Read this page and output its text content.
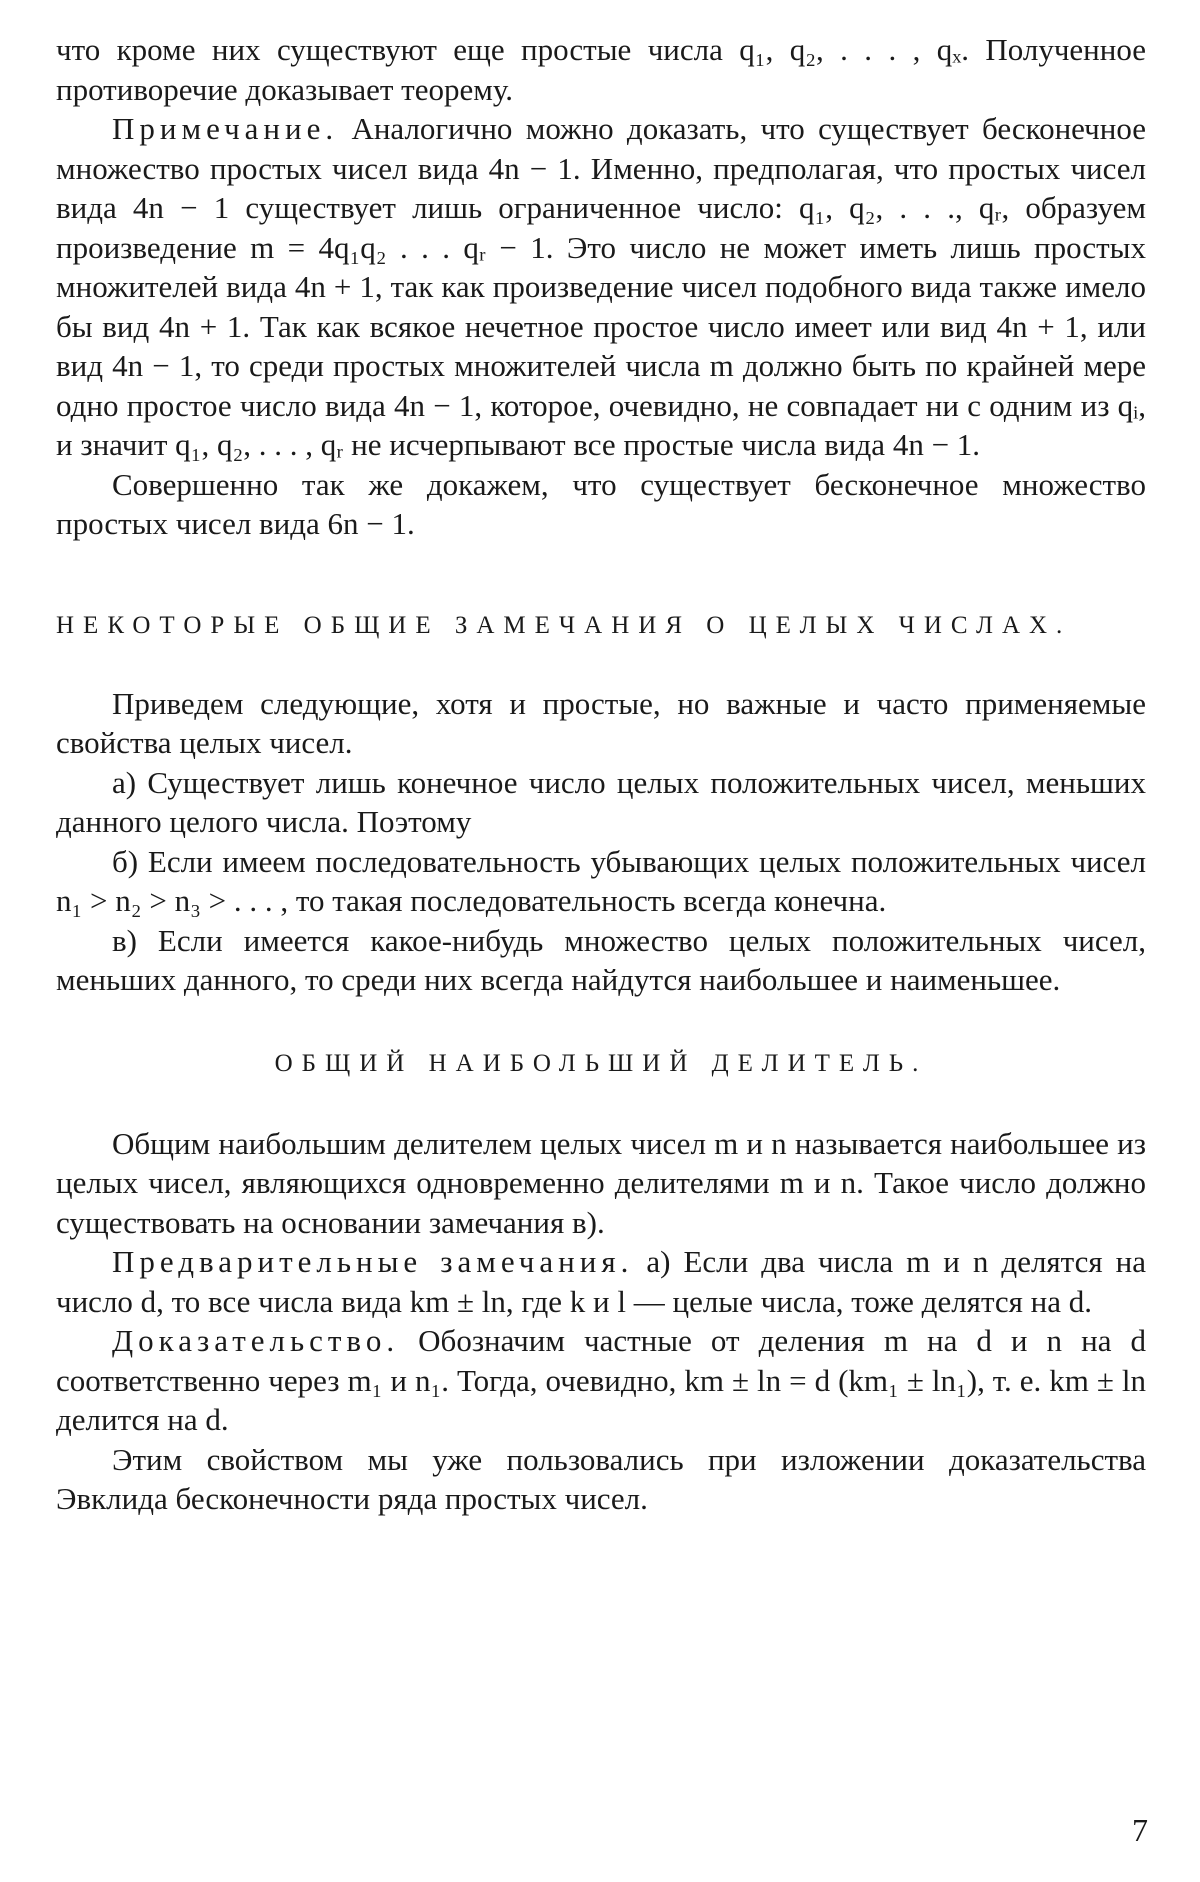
что кроме них существуют еще простые числа q₁, q₂, . . . , qₓ. Полученное противоречие доказывает теорему.

Примечание. Аналогично можно доказать, что существует бесконечное множество простых чисел вида 4n − 1. Именно, предполагая, что простых чисел вида 4n − 1 существует лишь ограниченное число: q₁, q₂, . . ., qᵣ, образуем произведение m = 4q₁q₂ . . . qᵣ − 1. Это число не может иметь лишь простых множителей вида 4n + 1, так как произведение чисел подобного вида также имело бы вид 4n + 1. Так как всякое нечетное простое число имеет или вид 4n + 1, или вид 4n − 1, то среди простых множителей числа m должно быть по крайней мере одно простое число вида 4n − 1, которое, очевидно, не совпадает ни с одним из qᵢ, и значит q₁, q₂, . . . , qᵣ не исчерпывают все простые числа вида 4n − 1.

Совершенно так же докажем, что существует бесконечное множество простых чисел вида 6n − 1.

НЕКОТОРЫЕ ОБЩИЕ ЗАМЕЧАНИЯ О ЦЕЛЫХ ЧИСЛАХ.

Приведем следующие, хотя и простые, но важные и часто применяемые свойства целых чисел.

а) Существует лишь конечное число целых положительных чисел, меньших данного целого числа. Поэтому

б) Если имеем последовательность убывающих целых положительных чисел n₁ > n₂ > n₃ > . . . , то такая последовательность всегда конечна.

в) Если имеется какое-нибудь множество целых положительных чисел, меньших данного, то среди них всегда найдутся наибольшее и наименьшее.

ОБЩИЙ НАИБОЛЬШИЙ ДЕЛИТЕЛЬ.

Общим наибольшим делителем целых чисел m и n называется наибольшее из целых чисел, являющихся одновременно делителями m и n. Такое число должно существовать на основании замечания в).

Предварительные замечания. а) Если два числа m и n делятся на число d, то все числа вида km ± ln, где k и l — целые числа, тоже делятся на d.

Доказательство. Обозначим частные от деления m на d и n на d соответственно через m₁ и n₁. Тогда, очевидно, km ± ln = d (km₁ ± ln₁), т. е. km ± ln делится на d.

Этим свойством мы уже пользовались при изложении доказательства Эвклида бесконечности ряда простых чисел.

7
